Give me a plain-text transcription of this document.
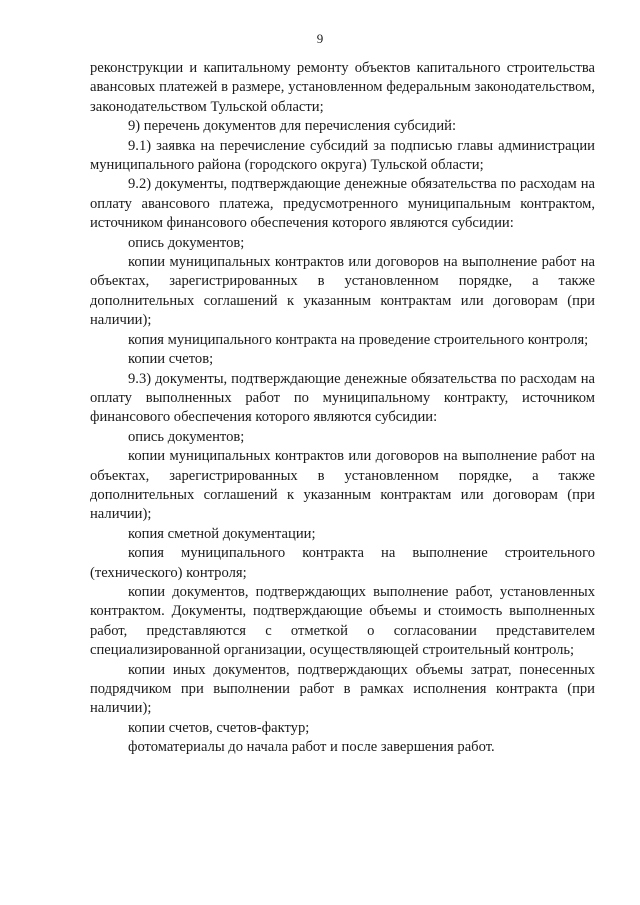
9

реконструкции и капитальному ремонту объектов капитального строительства авансовых платежей в размере, установленном федеральным законодательством, законодательством Тульской области;

9) перечень документов для перечисления субсидий:

9.1) заявка на перечисление субсидий за подписью главы администрации муниципального района (городского округа) Тульской области;

9.2) документы, подтверждающие денежные обязательства по расходам на оплату авансового платежа, предусмотренного муниципальным контрактом, источником финансового обеспечения которого являются субсидии:

опись документов;

копии муниципальных контрактов или договоров на выполнение работ на объектах, зарегистрированных в установленном порядке, а также дополнительных соглашений к указанным контрактам или договорам (при наличии);

копия муниципального контракта на проведение строительного контроля;

копии счетов;

9.3) документы, подтверждающие денежные обязательства по расходам на оплату выполненных работ по муниципальному контракту, источником финансового обеспечения которого являются субсидии:

опись документов;

копии муниципальных контрактов или договоров на выполнение работ на объектах, зарегистрированных в установленном порядке, а также дополнительных соглашений к указанным контрактам или договорам (при наличии);

копия сметной документации;

копия муниципального контракта на выполнение строительного (технического) контроля;

копии документов, подтверждающих выполнение работ, установленных контрактом. Документы, подтверждающие объемы и стоимость выполненных работ, представляются с отметкой о согласовании представителем специализированной организации, осуществляющей строительный контроль;

копии иных документов, подтверждающих объемы затрат, понесенных подрядчиком при выполнении работ в рамках исполнения контракта (при наличии);

копии счетов, счетов-фактур;

фотоматериалы до начала работ и после завершения работ.
